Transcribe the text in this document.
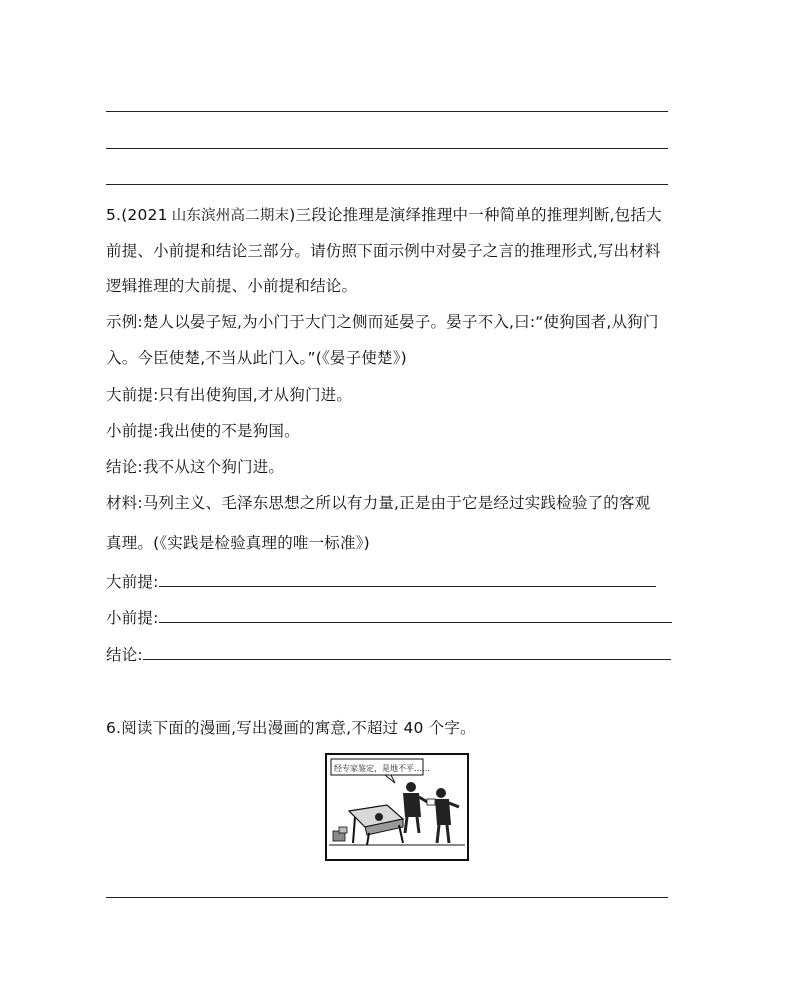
5.(2021 山东滨州高二期末)三段论推理是演绎推理中一种简单的推理判断,包括大
前提、小前提和结论三部分。请仿照下面示例中对晏子之言的推理形式,写出材料
逻辑推理的大前提、小前提和结论。
示例:楚人以晏子短,为小门于大门之侧而延晏子。晏子不入,曰:“使狗国者,从狗门
入。今臣使楚,不当从此门入。”(《晏子使楚》)
大前提:只有出使狗国,才从狗门进。
小前提:我出使的不是狗国。
结论:我不从这个狗门进。
材料:马列主义、毛泽东思想之所以有力量,正是由于它是经过实践检验了的客观
真理。(《实践是检验真理的唯一标准》)
大前提:
小前提:
结论:
6.阅读下面的漫画,写出漫画的寓意,不超过 40 个字。
经专家鉴定，是地不平……
